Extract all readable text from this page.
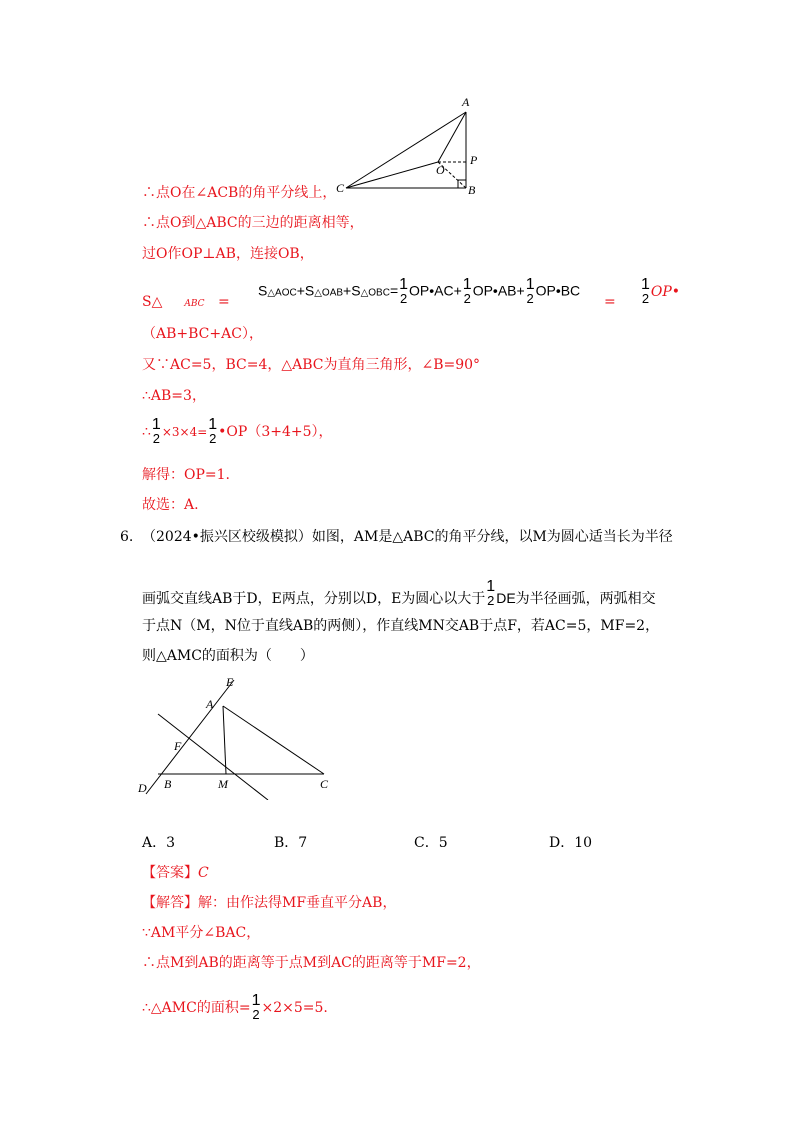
A
P
O
C	B
∴点O在∠ACB的角平分线上，
∴点O到△ABC的三边的距离相等，
过O作OP⊥AB，连接OB，
S△ ABC =
S△AOC+S△OAB+S△OBC= 1
2 OP•AC+ 1
2 OP•AB+ 1
2 OP•BC
=
1
2 OP•
（AB+BC+AC），
又∵AC=5，BC=4，△ABC为直角三角形，∠B=90°
∴AB=3，
∴ 1
2 ×3×4= 1
2 •OP（3+4+5），
解得：OP=1.
故选：A.
6. （2024•振兴区校级模拟）如图，AM是△ABC的角平分线，以M为圆心适当长为半径
画弧交直线AB于D，E两点，分别以D，E为圆心以大于
1
2 DE为半径画弧，两弧相交
于点N（M，N位于直线AB的两侧），作直线MN交AB于点F，若AC=5，MF=2，
则△AMC的面积为（　　）
E
A
F
D B	M	C
A．3	B．7	C．5	D．10
【答案】C
【解答】解：由作法得MF垂直平分AB，
∵AM平分∠BAC，
∴点M到AB的距离等于点M到AC的距离等于MF=2，
∴△AMC的面积= 1
2 ×2×5=5.
